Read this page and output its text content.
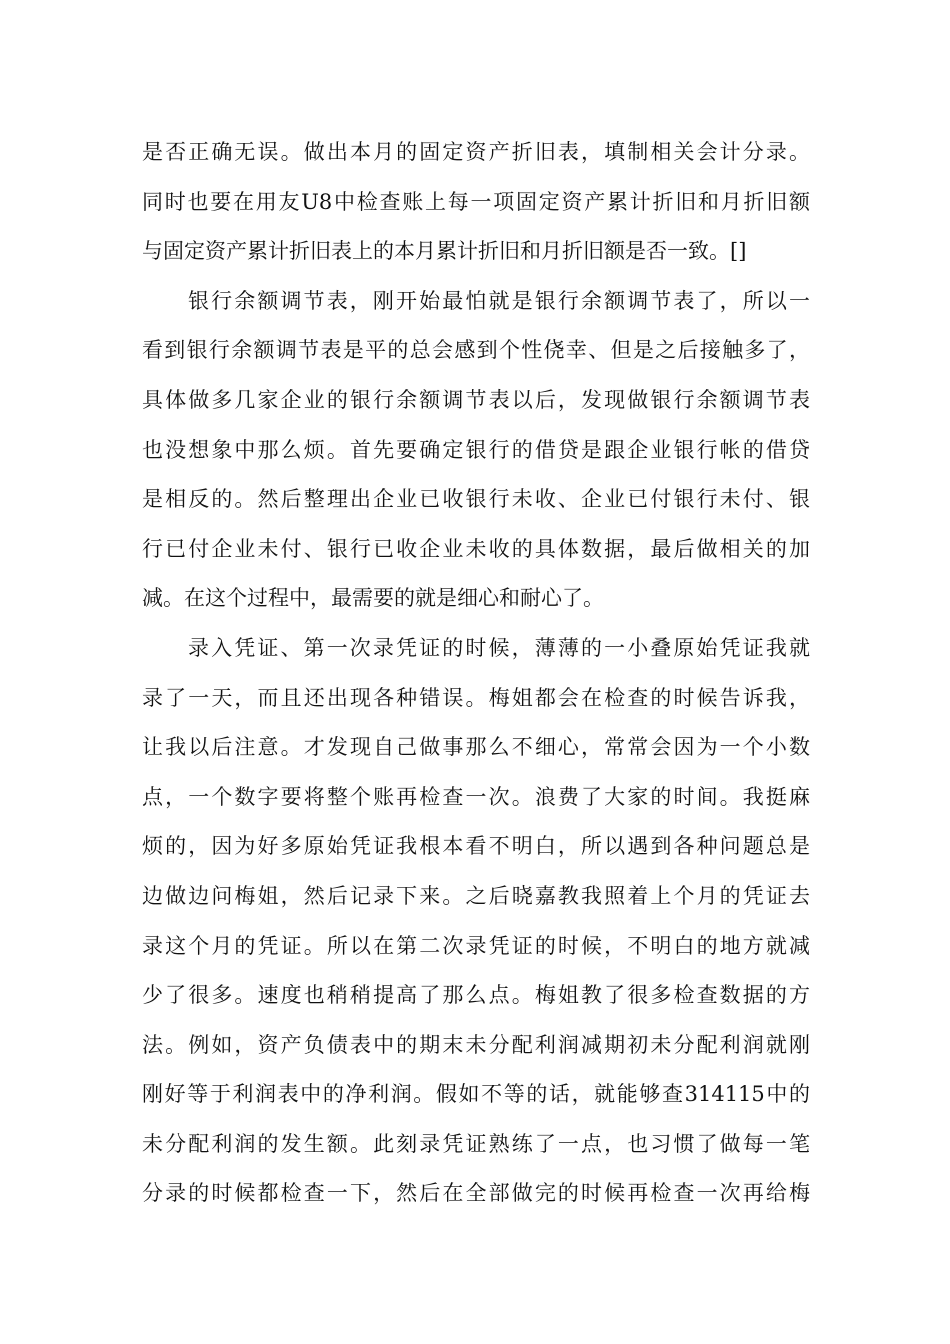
是否正确无误。做出本月的固定资产折旧表，填制相关会计分录。
同时也要在用友U8中检查账上每一项固定资产累计折旧和月折旧额
与固定资产累计折旧表上的本月累计折旧和月折旧额是否一致。[]
银行余额调节表，刚开始最怕就是银行余额调节表了，所以一
看到银行余额调节表是平的总会感到个性侥幸、但是之后接触多了，
具体做多几家企业的银行余额调节表以后，发现做银行余额调节表
也没想象中那么烦。首先要确定银行的借贷是跟企业银行帐的借贷
是相反的。然后整理出企业已收银行未收、企业已付银行未付、银
行已付企业未付、银行已收企业未收的具体数据，最后做相关的加
减。在这个过程中，最需要的就是细心和耐心了。
录入凭证、第一次录凭证的时候，薄薄的一小叠原始凭证我就
录了一天，而且还出现各种错误。梅姐都会在检查的时候告诉我，
让我以后注意。才发现自己做事那么不细心，常常会因为一个小数
点，一个数字要将整个账再检查一次。浪费了大家的时间。我挺麻
烦的，因为好多原始凭证我根本看不明白，所以遇到各种问题总是
边做边问梅姐，然后记录下来。之后晓嘉教我照着上个月的凭证去
录这个月的凭证。所以在第二次录凭证的时候，不明白的地方就减
少了很多。速度也稍稍提高了那么点。梅姐教了很多检查数据的方
法。例如，资产负债表中的期末未分配利润减期初未分配利润就刚
刚好等于利润表中的净利润。假如不等的话，就能够查314115中的
未分配利润的发生额。此刻录凭证熟练了一点，也习惯了做每一笔
分录的时候都检查一下，然后在全部做完的时候再检查一次再给梅
